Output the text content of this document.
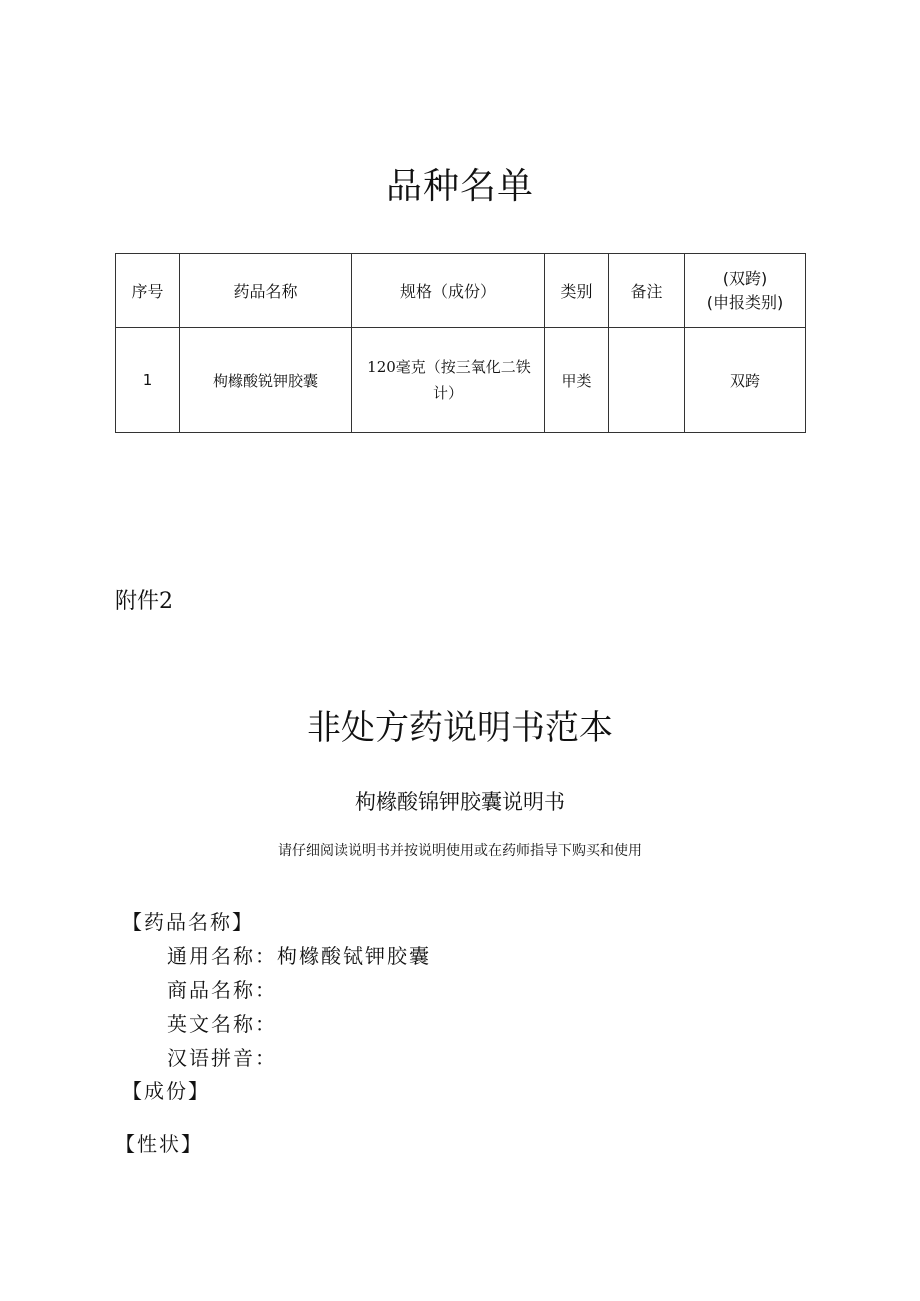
品种名单
序号	药品名称	规格（成份）	类别	备注	(双跨)
(申报类别)

1	枸橼酸锐钾胶囊	120毫克（按三氧化二铁
计）	甲类		双跨
附件2
非处方药说明书范本
枸橼酸锦钾胶囊说明书
请仔细阅读说明书并按说明使用或在药师指导下购买和使用
【药品名称】
通用名称：枸橼酸铽钾胶囊
商品名称：
英文名称：
汉语拼音：
【成份】
【性状】
